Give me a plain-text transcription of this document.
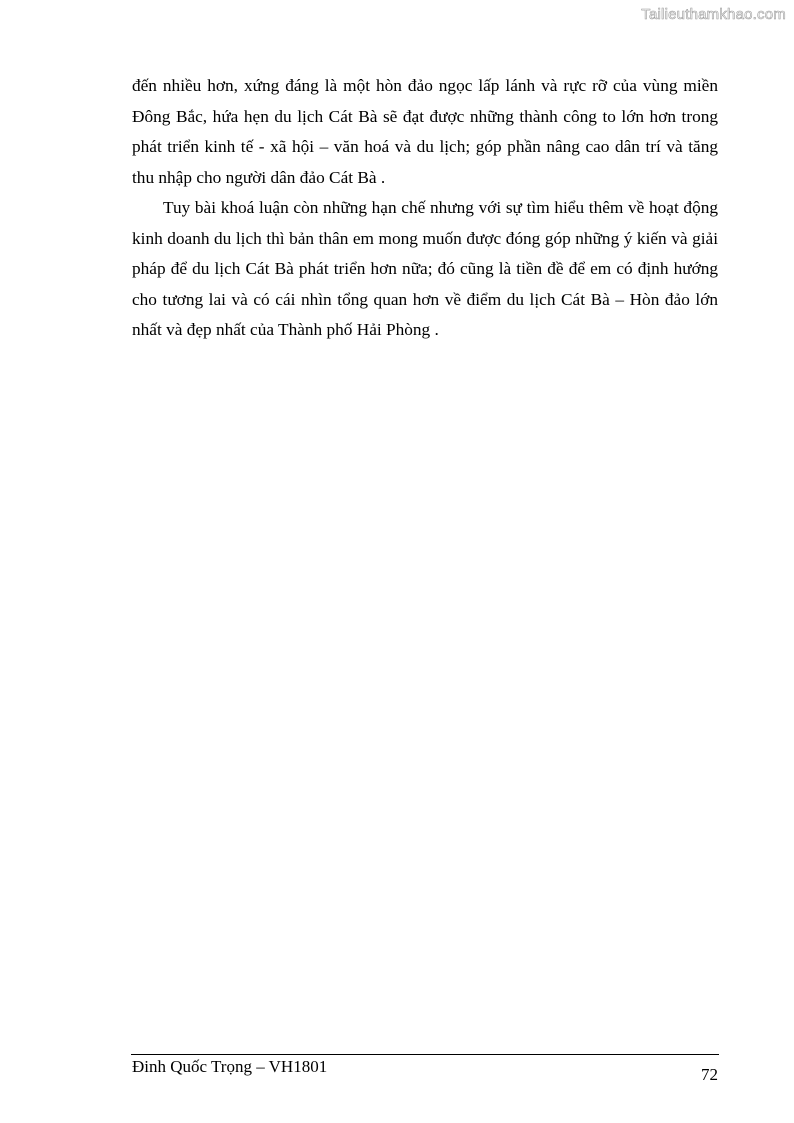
Tailieuthamkhao.com

đến nhiều hơn, xứng đáng là một hòn đảo ngọc lấp lánh và rực rỡ của vùng miền Đông Bắc, hứa hẹn du lịch Cát Bà sẽ đạt được những thành công to lớn hơn trong phát triển kinh tế - xã hội – văn hoá và du lịch; góp phần nâng cao dân trí và tăng thu nhập cho người dân đảo Cát Bà .

Tuy bài khoá luận còn những hạn chế nhưng với sự tìm hiểu thêm về hoạt động kinh doanh du lịch thì bản thân em mong muốn được đóng góp những ý kiến và giải pháp để du lịch Cát Bà phát triển hơn nữa; đó cũng là tiền đề để em có định hướng cho tương lai và có cái nhìn tổng quan hơn về điểm du lịch Cát Bà – Hòn đảo lớn nhất và đẹp nhất của Thành phố Hải Phòng .

Đinh Quốc Trọng – VH1801	72
